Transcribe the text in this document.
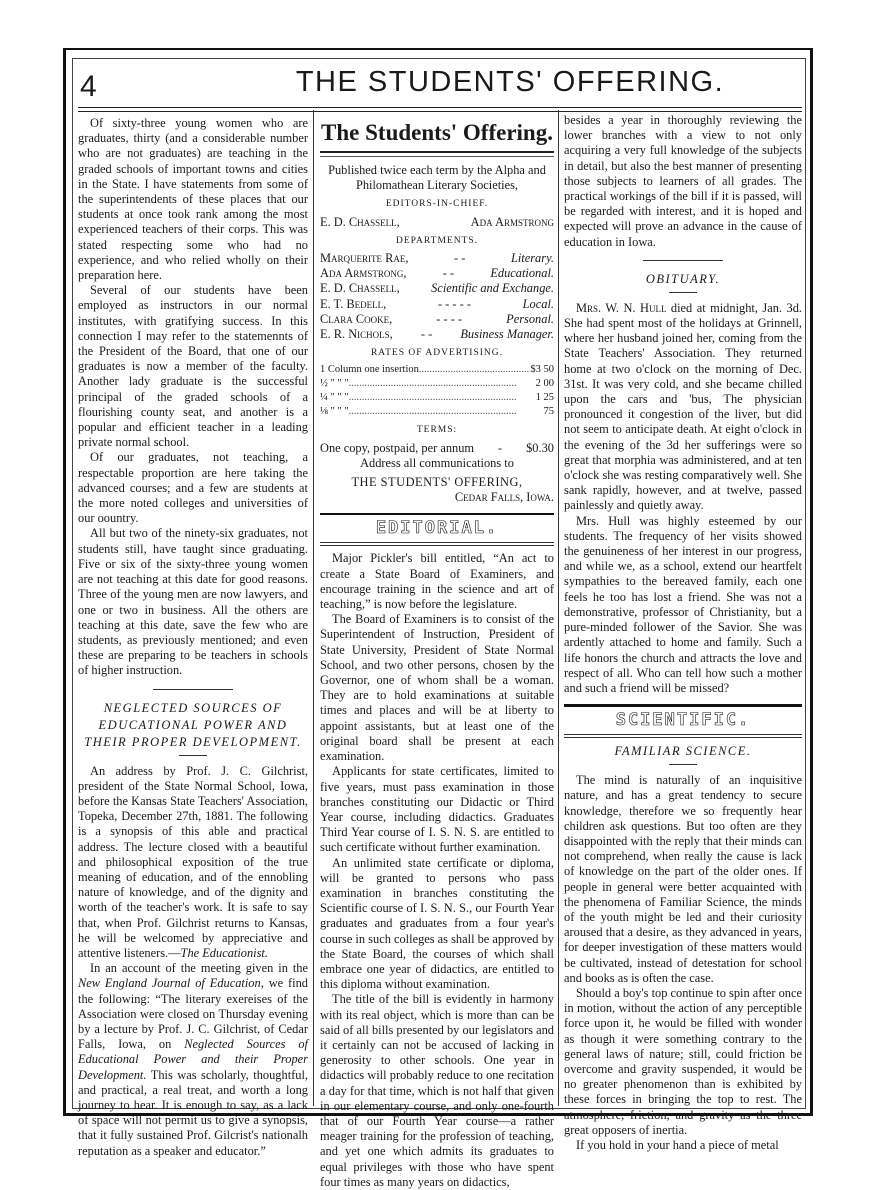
4	THE STUDENTS' OFFERING.

Of sixty-three young women who are graduates, thirty (and a considerable number who are not graduates) are teaching in the graded schools of important towns and cities in the State. I have statements from some of the superintendents of these places that our students at once took rank among the most experienced teachers of their corps. This was stated respecting some who had no experience, and who relied wholly on their preparation here.

Several of our students have been employed as instructors in our normal institutes, with gratifying success. In this connection I may refer to the statemennts of the President of the Board, that one of our graduates is now a member of the faculty. Another lady graduate is the successful principal of the graded schools of a flourishing county seat, and another is a popular and efficient teacher in a leading private normal school.

Of our graduates, not teaching, a respectable proportion are here taking the advanced courses; and a few are students at the more noted colleges and universities of our oountry.

All but two of the ninety-six graduates, not students still, have taught since graduating. Five or six of the sixty-three young women are not teaching at this date for good reasons. Three of the young men are now lawyers, and one or two in business. All the others are teaching at this date, save the few who are students, as previously mentioned; and even these are preparing to be teachers in schools of higher instruction.

NEGLECTED SOURCES OF EDUCATIONAL POWER AND THEIR PROPER DEVELOPMENT.

An address by Prof. J. C. Gilchrist, president of the State Normal School, Iowa, before the Kansas State Teachers' Association, Topeka, December 27th, 1881. The following is a synopsis of this able and practical address. The lecture closed with a beautiful and philosophical exposition of the true meaning of education, and of the ennobling nature of knowledge, and of the dignity and worth of the teacher's work. It is safe to say that, when Prof. Gilchrist returns to Kansas, he will be welcomed by appreciative and attentive listeners.—The Educationist.

In an account of the meeting given in the New England Journal of Education, we find the following: “The literary exereises of the Association were closed on Thursday evening by a lecture by Prof. J. C. Gilchrist, of Cedar Falls, Iowa, on Neglected Sources of Educational Power and their Proper Development. This was scholarly, thoughtful, and practical, a real treat, and worth a long journey to hear. It is enough to say, as a lack of space will not permit us to give a synopsis, that it fully sustained Prof. Gilcrist's nationalh reputation as a speaker and educator.”

The Students' Offering.

Published twice each term by the Alpha and Philomathean Literary Societies,

EDITORS-IN-CHIEF.
E. D. Chassell,	Ada Armstrong
DEPARTMENTS.
Marquerite Rae,	- -	Literary.
Ada Armstrong,	- -	Educational.
E. D. Chassell,	Scientific and Exchange.
E. T. Bedell,	- - - - -	Local.
Clara Cooke,	- - - -	Personal.
E. R. Nichols, - - Business Manager.
RATES OF ADVERTISING.
1 Column one insertion .....	$3 50
½ " " " .....	2 00
¼ " " " .....	1 25
⅛ " " " .....	75
TERMS:
One copy, postpaid, per annum - $0.30

Address all communications to

THE STUDENTS' OFFERING,
Cedar Falls, Iowa.
EDITORIAL.

Major Pickler's bill entitled, “An act to create a State Board of Examiners, and encourage training in the science and art of teaching,” is now before the legislature.

The Board of Examiners is to consist of the Superintendent of Instruction, President of State University, President of State Normal School, and two other persons, chosen by the Governor, one of whom shall be a woman. They are to hold examinations at suitable times and places and will be at liberty to appoint assistants, but at least one of the original board shall be present at each examination.

Applicants for state certificates, limited to five years, must pass examination in those branches constituting our Didactic or Third Year course, including didactics. Graduates Third Year course of I. S. N. S. are entitled to such certificate without further examination.

An unlimited state certificate or diploma, will be granted to persons who pass examination in branches constituting the Scientific course of I. S. N. S., our Fourth Year graduates and graduates from a four year's course in such colleges as shall be approved by the State Board, the courses of which shall embrace one year of didactics, are entitled to this diploma without examination.

The title of the bill is evidently in harmony with its real object, which is more than can be said of all bills presented by our legislators and it certainly can not be accused of lacking in generosity to other schools. One year in didactics will probably reduce to one recitation a day for that time, which is not half that given in our elementary course, and only one-fourth that of our Fourth Year course—a rather meager training for the profession of teaching, and yet one which admits its graduates to equal privileges with those who have spent four times as many years on didactics,

besides a year in thoroughly reviewing the lower branches with a view to not only acquiring a very full knowledge of the subjects in detail, but also the best manner of presenting those subjects to learners of all grades. The practical workings of the bill if it is passed, will be regarded with interest, and it is hoped and expected will prove an advance in the cause of education in Iowa.

OBITUARY.

Mrs. W. N. Hull died at midnight, Jan. 3d. She had spent most of the holidays at Grinnell, where her husband joined her, coming from the State Teachers' Association. They returned home at two o'clock on the morning of Dec. 31st. It was very cold, and she became chilled upon the cars and 'bus, The physician pronounced it congestion of the liver, but did not seem to anticipate death. At eight o'clock in the evening of the 3d her sufferings were so great that morphia was administered, and at ten o'clock she was resting comparatively well. She sank rapidly, however, and at twelve, passed painlessly and quietly away.

Mrs. Hull was highly esteemed by our students. The frequency of her visits showed the genuineness of her interest in our progress, and while we, as a school, extend our heartfelt sympathies to the bereaved family, each one feels he too has lost a friend. She was not a demonstrative, professor of Christianity, but a pure-minded follower of the Savior. She was ardently attached to home and family. Such a life honors the church and attracts the love and respect of all. Who can tell how such a mother and such a friend will be missed?

SCIENTIFIC.
FAMILIAR SCIENCE.

The mind is naturally of an inquisitive nature, and has a great tendency to secure knowledge, therefore we so frequently hear children ask questions. But too often are they disappointed with the reply that their minds can not comprehend, when really the cause is lack of knowledge on the part of the older ones. If people in general were better acquainted with the phenomena of Familiar Science, the minds of the youth might be led and their curiosity aroused that a desire, as they advanced in years, for deeper investigation of these matters would be cultivated, instead of detestation for school and books as is often the case.

Should a boy's top continue to spin after once in motion, without the action of any perceptible force upon it, he would be filled with wonder as though it were something contrary to the general laws of nature; still, could friction be overcome and gravity suspended, it would be no greater phenomenon than is exhibited by these forces in bringing the top to rest. The atmosphere, friction, and gravity as the three great opposers of inertia.

If you hold in your hand a piece of metal
